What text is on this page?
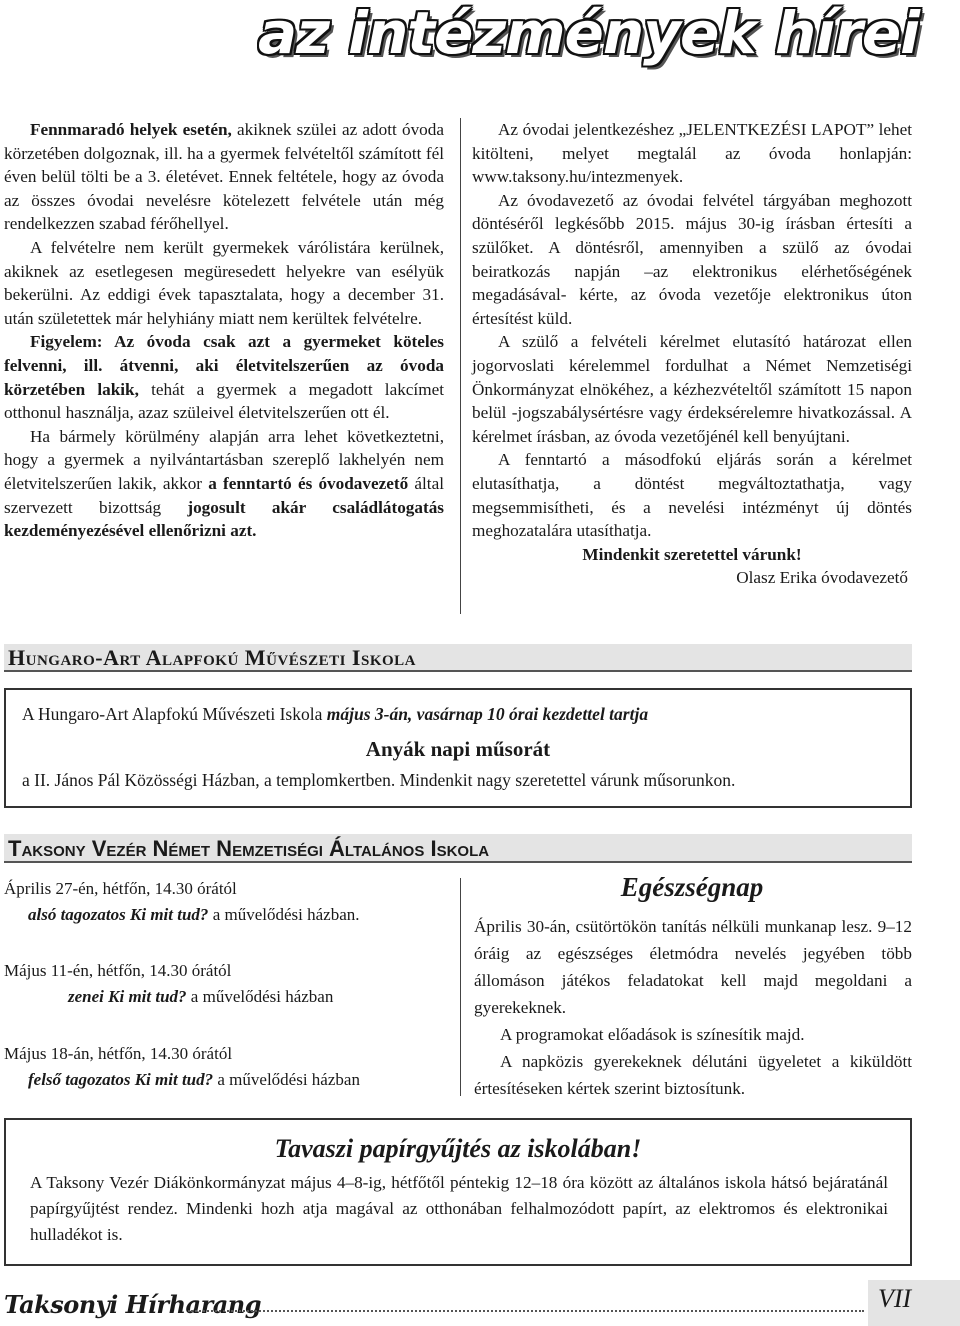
az intézmények hírei

Fennmaradó helyek esetén, akiknek szülei az adott óvoda körzetében dolgoznak, ill. ha a gyermek felvételtől számított fél éven belül tölti be a 3. életévet. Ennek feltétele, hogy az óvoda az összes óvodai nevelésre kötelezett felvétele után még rendelkezzen szabad férőhellyel.

A felvételre nem került gyermekek várólistára kerülnek, akiknek az esetlegesen megüresedett helyekre van esélyük bekerülni. Az eddigi évek tapasztalata, hogy a december 31. után születettek már helyhiány miatt nem kerültek felvételre.

Figyelem: Az óvoda csak azt a gyermeket köteles felvenni, ill. átvenni, aki életvitelszerűen az óvoda körzetében lakik, tehát a gyermek a megadott lakcímet otthonul használja, azaz szüleivel életvitelszerűen ott él.

Ha bármely körülmény alapján arra lehet következtetni, hogy a gyermek a nyilvántartásban szereplő lakhelyén nem életvitelszerűen lakik, akkor a fenntartó és óvodavezető által szervezett bizottság jogosult akár családlátogatás kezdeményezésével ellenőrizni azt.

Az óvodai jelentkezéshez „JELENTKEZÉSI LAPOT” lehet kitölteni, melyet megtalál az óvoda honlapján: www.taksony.hu/intezmenyek.

Az óvodavezető az óvodai felvétel tárgyában meghozott döntéséről legkésőbb 2015. május 30-ig írásban értesíti a szülőket. A döntésről, amennyiben a szülő az óvodai beiratkozás napján –az elektronikus elérhetőségének megadásával- kérte, az óvoda vezetője elektronikus úton értesítést küld.

A szülő a felvételi kérelmet elutasító határozat ellen jogorvoslati kérelemmel fordulhat a Német Nemzetiségi Önkormányzat elnökéhez, a kézhezvételtől számított 15 napon belül -jogszabálysértésre vagy érdeksérelemre hivatkozással. A kérelmet írásban, az óvoda vezetőjénél kell benyújtani.

A fenntartó a másodfokú eljárás során a kérelmet elutasíthatja, a döntést megváltoztathatja, vagy megsemmisítheti, és a nevelési intézményt új döntés meghozatalára utasíthatja.

Mindenkit szeretettel várunk!

Olasz Erika óvodavezető

Hungaro-Art Alapfokú Művészeti Iskola
A Hungaro-Art Alapfokú Művészeti Iskola május 3-án, vasárnap 10 órai kezdettel tartja
Anyák napi műsorát
a II. János Pál Közösségi Házban, a templomkertben. Mindenkit nagy szeretettel várunk műsorunkon.
Taksony Vezér Német Nemzetiségi Általános Iskola
Április 27-én, hétfőn, 14.30 órától
alsó tagozatos Ki mit tud? a művelődési házban.
Május 11-én, hétfőn, 14.30 órától
zenei Ki mit tud? a művelődési házban
Május 18-án, hétfőn, 14.30 órától
felső tagozatos Ki mit tud? a művelődési házban
Egészségnap

Április 30-án, csütörtökön tanítás nélküli munkanap lesz. 9–12 óráig az egészséges életmódra nevelés jegyében több állomáson játékos feladatokat kell majd megoldani a gyerekeknek.

A programokat előadások is színesítik majd.

A napközis gyerekeknek délutáni ügyeletet a kiküldött értesítéseken kértek szerint biztosítunk.

Tavaszi papírgyűjtés az iskolában!

A Taksony Vezér Diákönkormányzat május 4–8-ig, hétfőtől péntekig 12–18 óra között az általános iskola hátsó bejáratánál papírgyűjtést rendez. Mindenki hozh atja magával az otthonában felhalmozódott papírt, az elektromos és elektronikai hulladékot is.

Taksonyi Hírharang	VII
